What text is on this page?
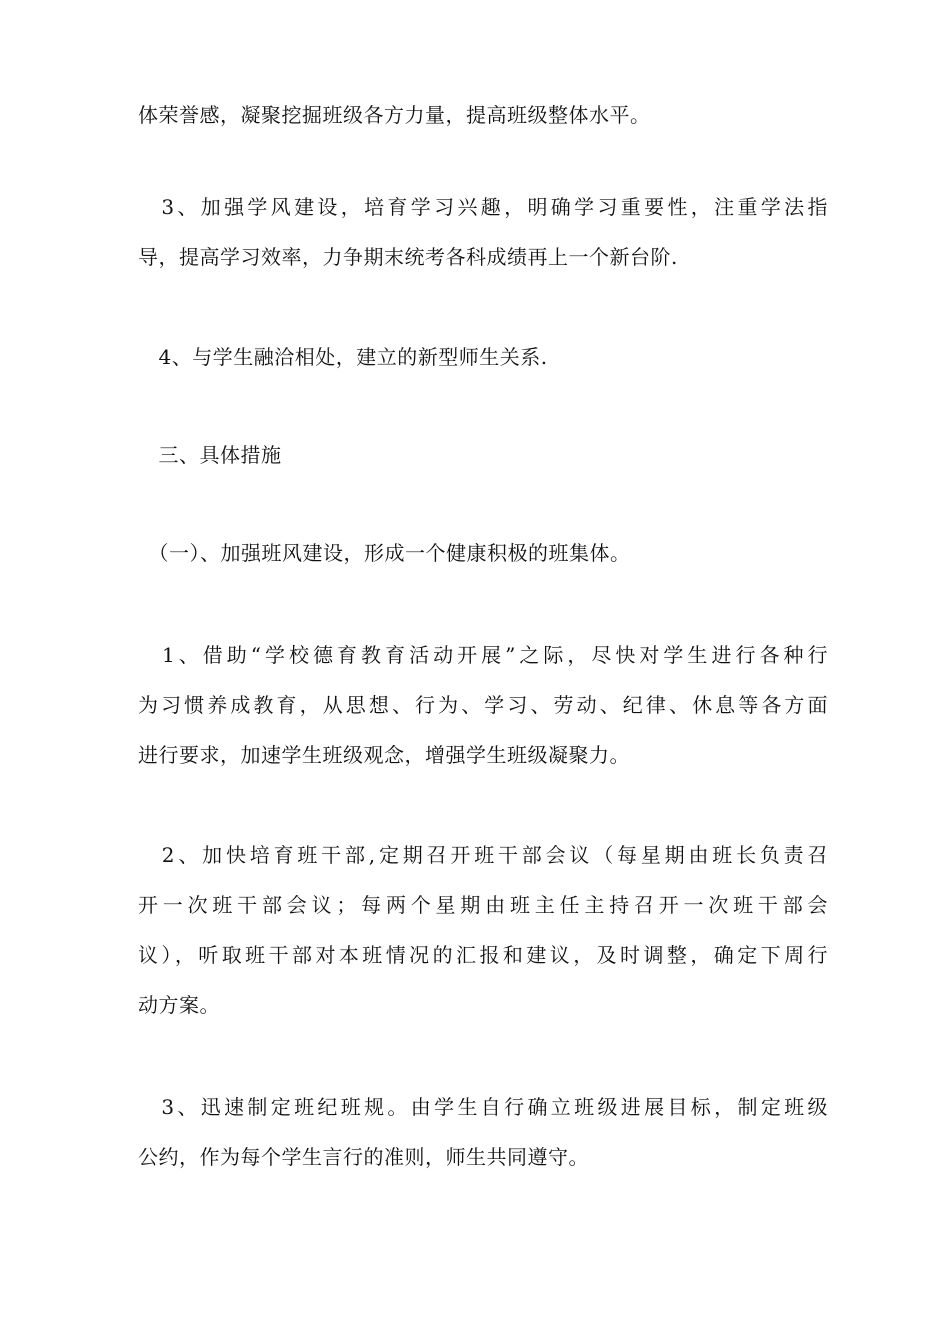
体荣誉感，凝聚挖掘班级各方力量，提高班级整体水平。

　3、加强学风建设，培育学习兴趣，明确学习重要性，注重学法指
导，提高学习效率，力争期末统考各科成绩再上一个新台阶.

　4、与学生融洽相处，建立的新型师生关系.

　三、具体措施

　（一）、加强班风建设，形成一个健康积极的班集体。

　1、借助“学校德育教育活动开展”之际，尽快对学生进行各种行
为习惯养成教育，从思想、行为、学习、劳动、纪律、休息等各方面
进行要求，加速学生班级观念，增强学生班级凝聚力。

　2、加快培育班干部,定期召开班干部会议（每星期由班长负责召
开一次班干部会议；每两个星期由班主任主持召开一次班干部会
议），听取班干部对本班情况的汇报和建议，及时调整，确定下周行
动方案。

　3、迅速制定班纪班规。由学生自行确立班级进展目标，制定班级
公约，作为每个学生言行的准则，师生共同遵守。
